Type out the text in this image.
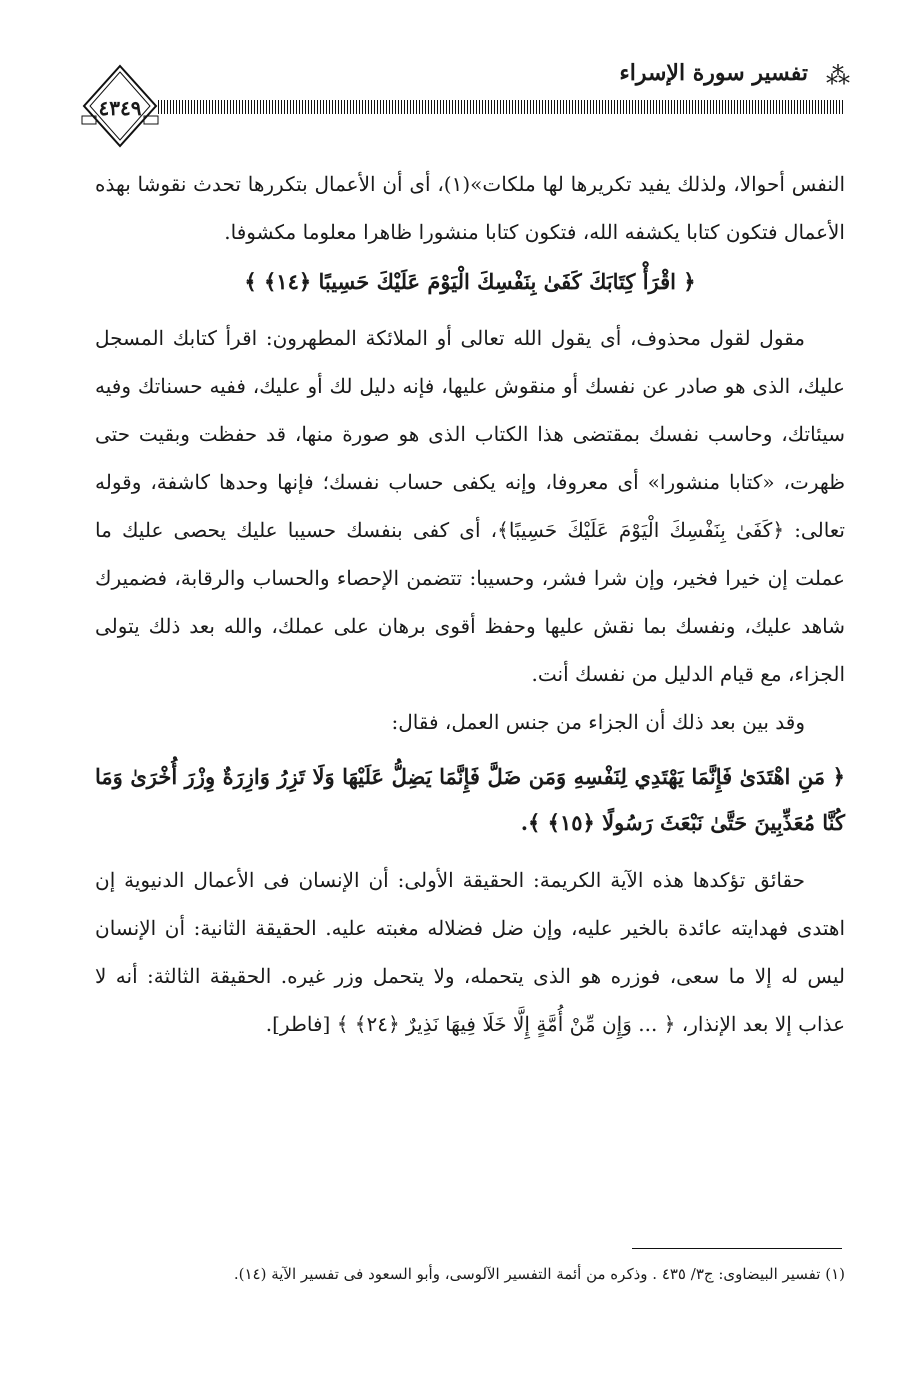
٤٣٤٩
تفسير سورة الإسراء ⁂

النفس أحوالا، ولذلك يفيد تكريرها لها ملكات»(١)، أى أن الأعمال بتكررها تحدث نقوشا بهذه الأعمال فتكون كتابا يكشفه الله، فتكون كتابا منشورا ظاهرا معلوما مكشوفا.

﴿ اقْرَأْ كِتَابَكَ كَفَىٰ بِنَفْسِكَ الْيَوْمَ عَلَيْكَ حَسِيبًا ﴿١٤﴾ ﴾

مقول لقول محذوف، أى يقول الله تعالى أو الملائكة المطهرون: اقرأ كتابك المسجل عليك، الذى هو صادر عن نفسك أو منقوش عليها، فإنه دليل لك أو عليك، ففيه حسناتك وفيه سيئاتك، وحاسب نفسك بمقتضى هذا الكتاب الذى هو صورة منها، قد حفظت وبقيت حتى ظهرت، «كتابا منشورا» أى معروفا، وإنه يكفى حساب نفسك؛ فإنها وحدها كاشفة، وقوله تعالى: ﴿كَفَىٰ بِنَفْسِكَ الْيَوْمَ عَلَيْكَ حَسِيبًا﴾، أى كفى بنفسك حسيبا عليك يحصى عليك ما عملت إن خيرا فخير، وإن شرا فشر، وحسيبا: تتضمن الإحصاء والحساب والرقابة، فضميرك شاهد عليك، ونفسك بما نقش عليها وحفظ أقوى برهان على عملك، والله بعد ذلك يتولى الجزاء، مع قيام الدليل من نفسك أنت.

وقد بين بعد ذلك أن الجزاء من جنس العمل، فقال:

﴿ مَنِ اهْتَدَىٰ فَإِنَّمَا يَهْتَدِي لِنَفْسِهِ وَمَن ضَلَّ فَإِنَّمَا يَضِلُّ عَلَيْهَا وَلَا تَزِرُ وَازِرَةٌ وِزْرَ أُخْرَىٰ وَمَا كُنَّا مُعَذِّبِينَ حَتَّىٰ نَبْعَثَ رَسُولًا ﴿١٥﴾ ﴾.

حقائق تؤكدها هذه الآية الكريمة: الحقيقة الأولى: أن الإنسان فى الأعمال الدنيوية إن اهتدى فهدايته عائدة بالخير عليه، وإن ضل فضلاله مغبته عليه. الحقيقة الثانية: أن الإنسان ليس له إلا ما سعى، فوزره هو الذى يتحمله، ولا يتحمل وزر غيره. الحقيقة الثالثة: أنه لا عذاب إلا بعد الإنذار، ﴿ ... وَإِن مِّنْ أُمَّةٍ إِلَّا خَلَا فِيهَا نَذِيرٌ ﴿٢٤﴾ ﴾ [فاطر].

(١) تفسير البيضاوى: ج٣/ ٤٣٥ . وذكره من أئمة التفسير الآلوسى، وأبو السعود فى تفسير الآية (١٤).
